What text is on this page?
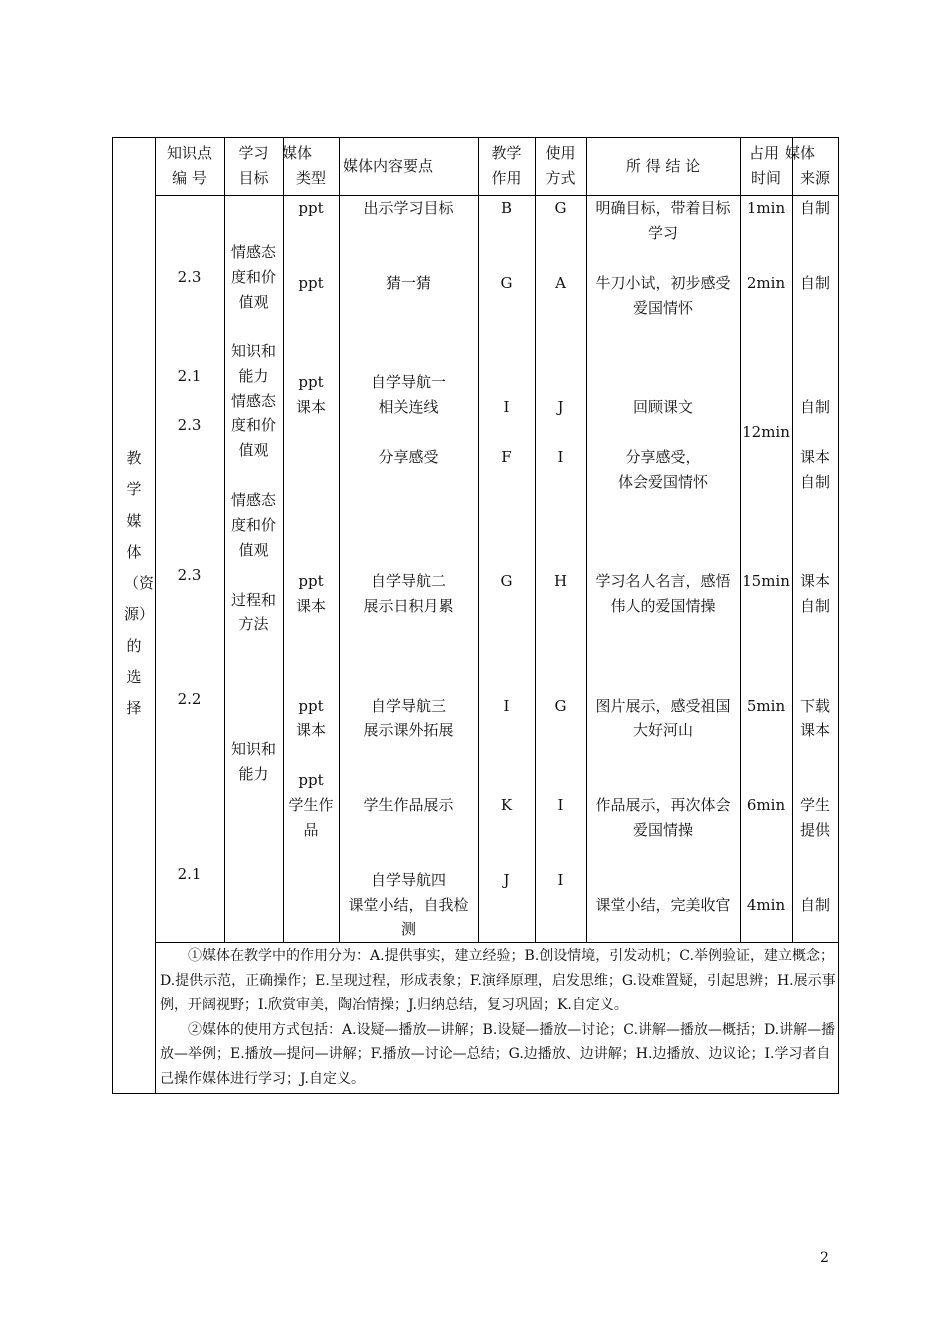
教学媒体（资源）的选择
知识点
编 号
学习
目标
媒体
类型
媒体内容要点
教学
作用
使用
方式
所 得 结 论
占用
时间
媒体
来源
2.3
2.1
2.3
2.3
2.2
2.1
情感态
度和价
值观
知识和
能力
情感态
度和价
值观
情感态
度和价
值观
过程和
方法
知识和
能力
ppt
ppt
ppt
课本
ppt
课本
ppt
课本
ppt
学生作
品
出示学习目标
猜一猜
自学导航一
相关连线
分享感受
自学导航二
展示日积月累
自学导航三
展示课外拓展
学生作品展示
自学导航四
课堂小结，自我检
测
B
G
I
F
G
I
K
J
G
A
J
I
H
G
I
I
明确目标，带着目标
学习
牛刀小试，初步感受
爱国情怀
回顾课文
分享感受，
体会爱国情怀
学习名人名言，感悟
伟人的爱国情操
图片展示，感受祖国
大好河山
作品展示，再次体会
爱国情操
课堂小结，完美收官
1min
2min
12min
15min
5min
6min
4min
自制
自制
自制
课本
自制
课本
自制
下载
课本
学生
提供
自制

①媒体在教学中的作用分为：A.提供事实，建立经验；B.创设情境，引发动机；C.举例验证，建立概念；D.提供示范，正确操作；E.呈现过程，形成表象；F.演绎原理，启发思维；G.设难置疑，引起思辨；H.展示事例，开阔视野；I.欣赏审美，陶冶情操；J.归纳总结，复习巩固；K.自定义。

②媒体的使用方式包括：A.设疑—播放—讲解；B.设疑—播放—讨论；C.讲解—播放—概括；D.讲解—播放—举例；E.播放—提问—讲解；F.播放—讨论—总结；G.边播放、边讲解；H.边播放、边议论；I.学习者自己操作媒体进行学习；J.自定义。

2
